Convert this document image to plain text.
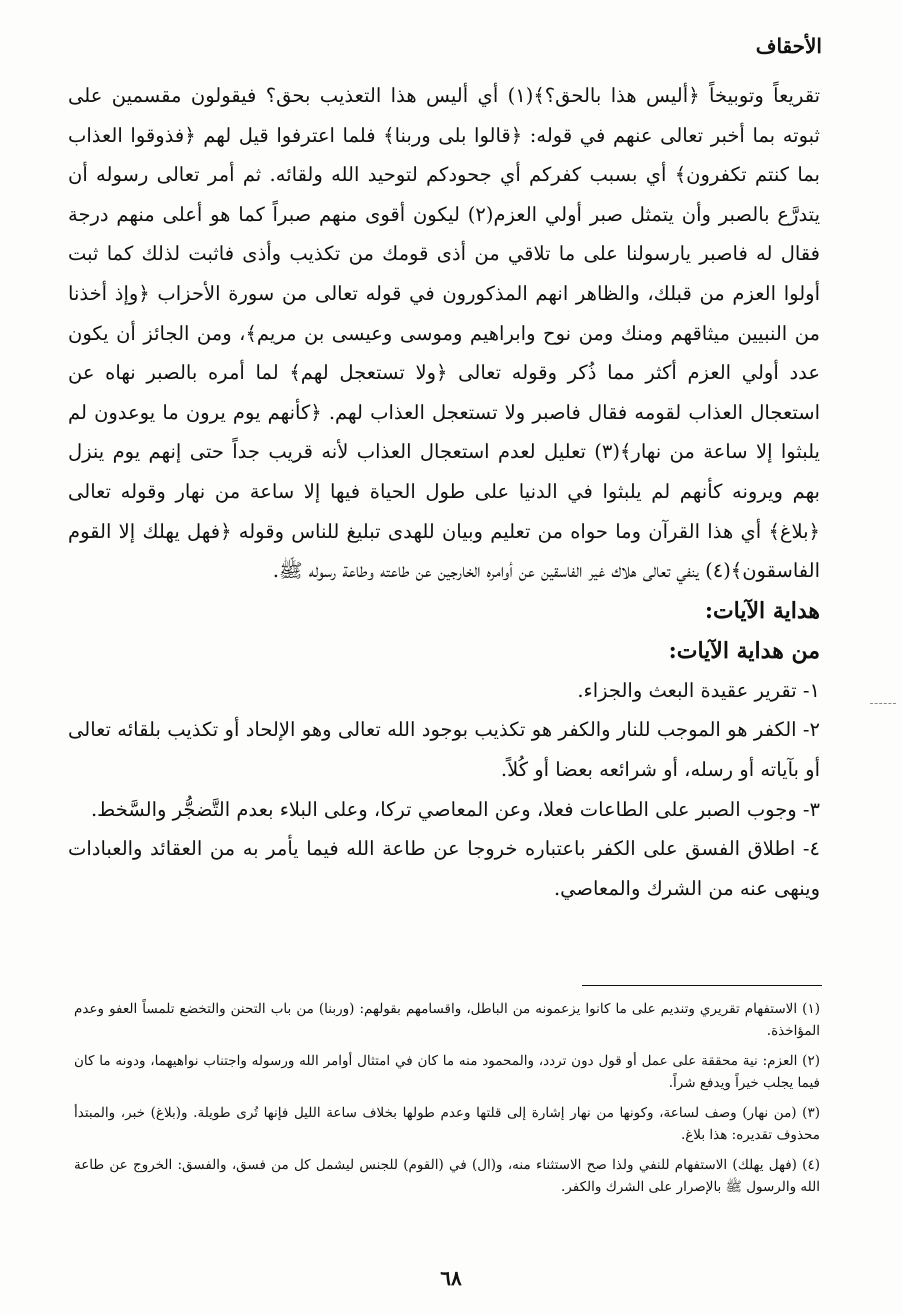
الأحقاف

تقريعاً وتوبيخاً ﴿أليس هذا بالحق؟﴾(١) أي أليس هذا التعذيب بحق؟ فيقولون مقسمين على ثبوته بما أخبر تعالى عنهم في قوله: ﴿قالوا بلى وربنا﴾ فلما اعترفوا قيل لهم ﴿فذوقوا العذاب بما كنتم تكفرون﴾ أي بسبب كفركم أي جحودكم لتوحيد الله ولقائه. ثم أمر تعالى رسوله أن يتدرَّع بالصبر وأن يتمثل صبر أولي العزم(٢) ليكون أقوى منهم صبراً كما هو أعلى منهم درجة فقال له فاصبر يارسولنا على ما تلاقي من أذى قومك من تكذيب وأذى فاثبت لذلك كما ثبت أولوا العزم من قبلك، والظاهر انهم المذكورون في قوله تعالى من سورة الأحزاب ﴿وإذ أخذنا من النبيين ميثاقهم ومنك ومن نوح وابراهيم وموسى وعيسى بن مريم﴾، ومن الجائز أن يكون عدد أولي العزم أكثر مما ذُكر وقوله تعالى ﴿ولا تستعجل لهم﴾ لما أمره بالصبر نهاه عن استعجال العذاب لقومه فقال فاصبر ولا تستعجل العذاب لهم. ﴿كأنهم يوم يرون ما يوعدون لم يلبثوا إلا ساعة من نهار﴾(٣) تعليل لعدم استعجال العذاب لأنه قريب جداً حتى إنهم يوم ينزل بهم ويرونه كأنهم لم يلبثوا في الدنيا على طول الحياة فيها إلا ساعة من نهار وقوله تعالى ﴿بلاغ﴾ أي هذا القرآن وما حواه من تعليم وبيان للهدى تبليغ للناس وقوله ﴿فهل يهلك إلا القوم الفاسقون﴾(٤) ينفي تعالى هلاك غير الفاسقين عن أوامره الخارجين عن طاعته وطاعة رسوله ﷺ.

هداية الآيات:
من هداية الآيات:
١- تقرير عقيدة البعث والجزاء.
٢- الكفر هو الموجب للنار والكفر هو تكذيب بوجود الله تعالى وهو الإلحاد أو تكذيب بلقائه تعالى أو بآياته أو رسله، أو شرائعه بعضا أو كُلاً.
٣- وجوب الصبر على الطاعات فعلا، وعن المعاصي تركا، وعلى البلاء بعدم التَّضجُّر والسَّخط.
٤- اطلاق الفسق على الكفر باعتباره خروجا عن طاعة الله فيما يأمر به من العقائد والعبادات وينهى عنه من الشرك والمعاصي.

(١) الاستفهام تقريري وتنديم على ما كانوا يزعمونه من الباطل، واقسامهم بقولهم: (وربنا) من باب التحنن والتخضع تلمساً العفو وعدم المؤاخذة.

(٢) العزم: نية محققة على عمل أو قول دون تردد، والمحمود منه ما كان في امتثال أوامر الله ورسوله واجتناب نواهيهما، ودونه ما كان فيما يجلب خيراً ويدفع شراً.

(٣) (من نهار) وصف لساعة، وكونها من نهار إشارة إلى قلتها وعدم طولها بخلاف ساعة الليل فإنها تُرى طويلة. و(بلاغ) خبر، والمبتدأ محذوف تقديره: هذا بلاغ.

(٤) (فهل يهلك) الاستفهام للنفي ولذا صح الاستثناء منه، و(ال) في (القوم) للجنس ليشمل كل من فسق، والفسق: الخروج عن طاعة الله والرسول ﷺ بالإصرار على الشرك والكفر.

٦٨
